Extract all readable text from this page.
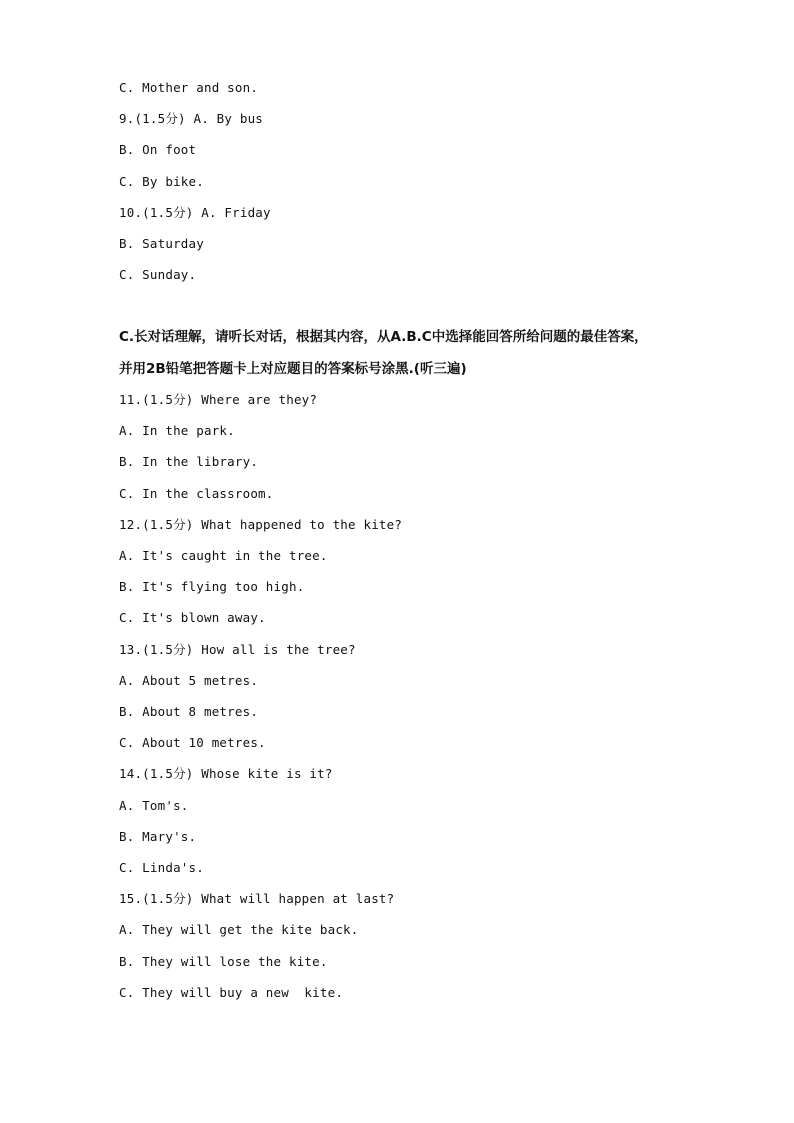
C. Mother and son.
9.(1.5分) A. By bus
B. On foot
C. By bike.
10.(1.5分) A. Friday
B. Saturday
C. Sunday.
C.长对话理解，请听长对话，根据其内容，从A.B.C中选择能回答所给问题的最佳答案，
并用2B铅笔把答题卡上对应题目的答案标号涂黑.(听三遍)
11.(1.5分) Where are they?
A. In the park.
B. In the library.
C. In the classroom.
12.(1.5分) What happened to the kite?
A. It's caught in the tree.
B. It's flying too high.
C. It's blown away.
13.(1.5分) How all is the tree?
A. About 5 metres.
B. About 8 metres.
C. About 10 metres.
14.(1.5分) Whose kite is it?
A. Tom's.
B. Mary's.
C. Linda's.
15.(1.5分) What will happen at last?
A. They will get the kite back.
B. They will lose the kite.
C. They will buy a new  kite.
